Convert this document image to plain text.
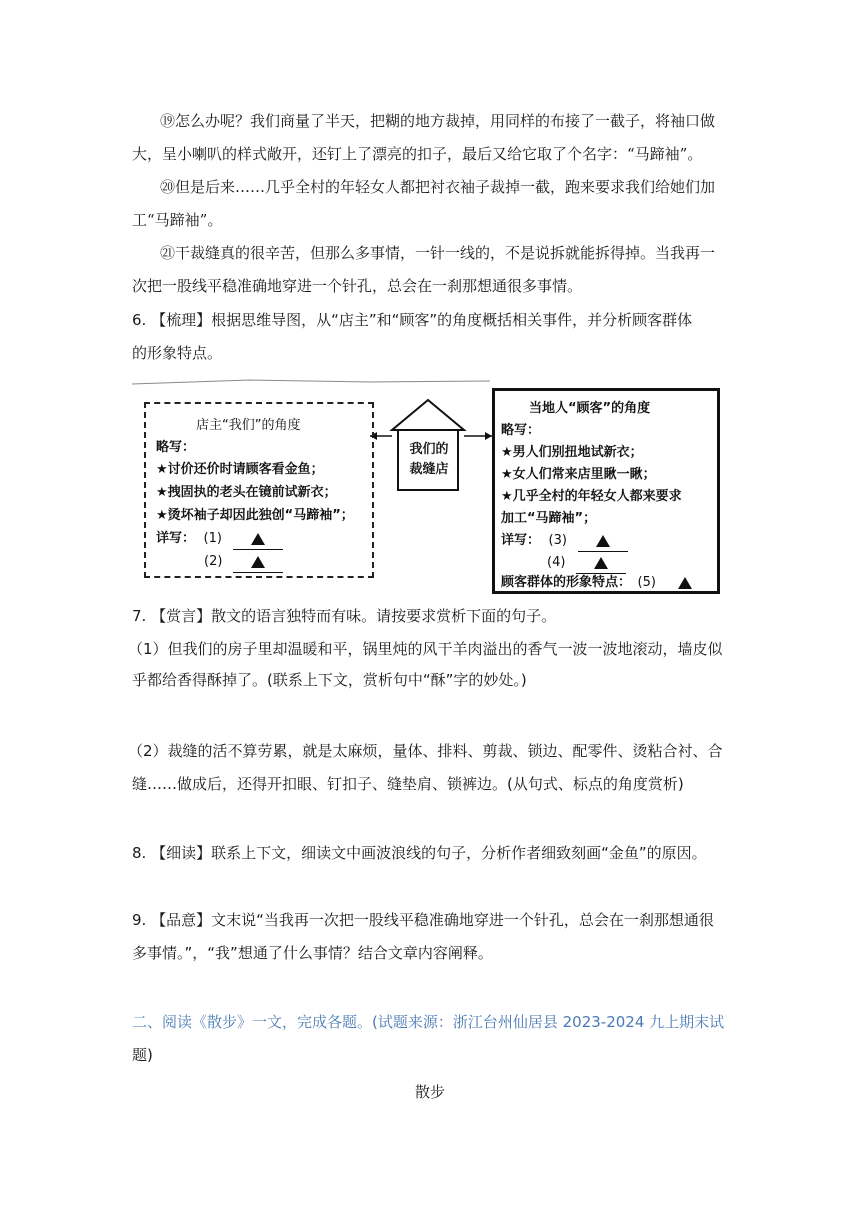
⑲怎么办呢？我们商量了半天，把糊的地方裁掉，用同样的布接了一截子，将袖口做
大，呈小喇叭的样式敞开，还钉上了漂亮的扣子，最后又给它取了个名字：“马蹄袖”。
⑳但是后来……几乎全村的年轻女人都把衬衣袖子裁掉一截，跑来要求我们给她们加
工“马蹄袖”。
㉑干裁缝真的很辛苦，但那么多事情，一针一线的，不是说拆就能拆得掉。当我再一
次把一股线平稳准确地穿进一个针孔，总会在一刹那想通很多事情。
6. 【梳理】根据思维导图，从“店主”和“顾客”的角度概括相关事件，并分析顾客群体
的形象特点。
我们的
裁缝店
店主“我们”的角度
略写：
★讨价还价时请顾客看金鱼；
★拽固执的老头在镜前试新衣；
★烫坏袖子却因此独创“马蹄袖”；
详写： (1)
(2)
当地人“顾客”的角度
略写：
★男人们别扭地试新衣；
★女人们常来店里瞅一瞅；
★几乎全村的年轻女人都来要求
加工“马蹄袖”；
详写： (3)
(4)
顾客群体的形象特点： (5)
7. 【赏言】散文的语言独特而有味。请按要求赏析下面的句子。
（1）但我们的房子里却温暖和平，锅里炖的风干羊肉溢出的香气一波一波地滚动，墙皮似
乎都给香得酥掉了。(联系上下文，赏析句中“酥”字的妙处。)
（2）裁缝的活不算劳累，就是太麻烦，量体、排料、剪裁、锁边、配零件、烫粘合衬、合
缝……做成后，还得开扣眼、钉扣子、缝垫肩、锁裤边。(从句式、标点的角度赏析)
8. 【细读】联系上下文，细读文中画波浪线的句子，分析作者细致刻画“金鱼”的原因。
9. 【品意】文末说“当我再一次把一股线平稳准确地穿进一个针孔，总会在一刹那想通很
多事情。”，“我”想通了什么事情？结合文章内容阐释。
二、阅读《散步》一文，完成各题。(试题来源：浙江台州仙居县 2023-2024 九上期末试
题)
散步
